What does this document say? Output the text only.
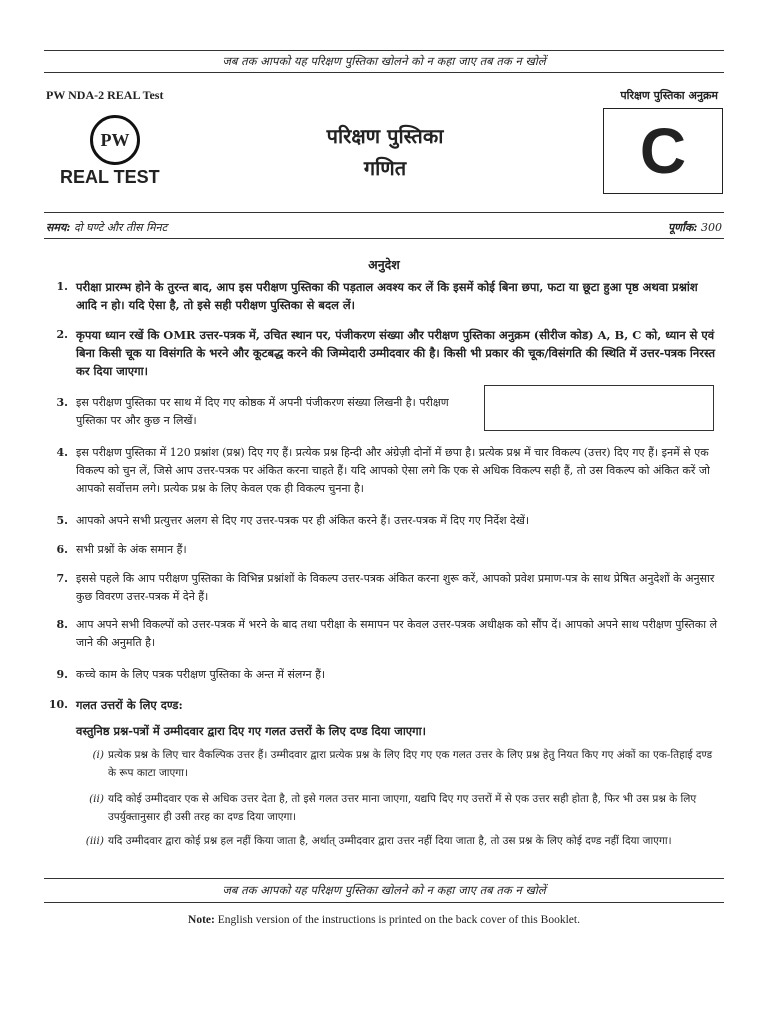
जब तक आपको यह परिक्षण पुस्तिका खोलने को न कहा जाए तब तक न खोलें
PW NDA-2 REAL Test	परिक्षण पुस्तिका अनुक्रम
PW
REAL TEST
परिक्षण पुस्तिका
गणित	C
समय: दो घण्टे और तीस मिनट	पूर्णांक: 300
अनुदेश
1. परीक्षा प्रारम्भ होने के तुरन्त बाद, आप इस परीक्षण पुस्तिका की पड़ताल अवश्य कर लें कि इसमें कोई बिना छपा, फटा या छूटा हुआ पृष्ठ अथवा प्रश्नांश आदि न हो। यदि ऐसा है, तो इसे सही परीक्षण पुस्तिका से बदल लें।
2. कृपया ध्यान रखें कि OMR उत्तर-पत्रक में, उचित स्थान पर, पंजीकरण संख्या और परीक्षण पुस्तिका अनुक्रम (सीरीज कोड) A, B, C को, ध्यान से एवं बिना किसी चूक या विसंगति के भरने और कूटबद्ध करने की जिम्मेदारी उम्मीदवार की है। किसी भी प्रकार की चूक/विसंगति की स्थिति में उत्तर-पत्रक निरस्त कर दिया जाएगा।
3. इस परीक्षण पुस्तिका पर साथ में दिए गए कोष्ठक में अपनी पंजीकरण संख्या लिखनी है। परीक्षण पुस्तिका पर और कुछ न लिखें।
4. इस परीक्षण पुस्तिका में 120 प्रश्नांश (प्रश्न) दिए गए हैं। प्रत्येक प्रश्न हिन्दी और अंग्रेज़ी दोनों में छपा है। प्रत्येक प्रश्न में चार विकल्प (उत्तर) दिए गए हैं। इनमें से एक विकल्प को चुन लें, जिसे आप उत्तर-पत्रक पर अंकित करना चाहते हैं। यदि आपको ऐसा लगे कि एक से अधिक विकल्प सही हैं, तो उस विकल्प को अंकित करें जो आपको सर्वोत्तम लगे। प्रत्येक प्रश्न के लिए केवल एक ही विकल्प चुनना है।
5. आपको अपने सभी प्रत्युत्तर अलग से दिए गए उत्तर-पत्रक पर ही अंकित करने हैं। उत्तर-पत्रक में दिए गए निर्देश देखें।
6. सभी प्रश्नों के अंक समान हैं।
7. इससे पहले कि आप परीक्षण पुस्तिका के विभिन्न प्रश्नांशों के विकल्प उत्तर-पत्रक अंकित करना शुरू करें, आपको प्रवेश प्रमाण-पत्र के साथ प्रेषित अनुदेशों के अनुसार कुछ विवरण उत्तर-पत्रक में देने हैं।
8. आप अपने सभी विकल्पों को उत्तर-पत्रक में भरने के बाद तथा परीक्षा के समापन पर केवल उत्तर-पत्रक अधीक्षक को सौंप दें। आपको अपने साथ परीक्षण पुस्तिका ले जाने की अनुमति है।
9. कच्चे काम के लिए पत्रक परीक्षण पुस्तिका के अन्त में संलग्न हैं।
10. गलत उत्तरों के लिए दण्ड:
वस्तुनिष्ठ प्रश्न-पत्रों में उम्मीदवार द्वारा दिए गए गलत उत्तरों के लिए दण्ड दिया जाएगा।
(i) प्रत्येक प्रश्न के लिए चार वैकल्पिक उत्तर हैं। उम्मीदवार द्वारा प्रत्येक प्रश्न के लिए दिए गए एक गलत उत्तर के लिए प्रश्न हेतु नियत किए गए अंकों का एक-तिहाई दण्ड के रूप काटा जाएगा।
(ii) यदि कोई उम्मीदवार एक से अधिक उत्तर देता है, तो इसे गलत उत्तर माना जाएगा, यद्यपि दिए गए उत्तरों में से एक उत्तर सही होता है, फिर भी उस प्रश्न के लिए उपर्युक्तानुसार ही उसी तरह का दण्ड दिया जाएगा।
(iii) यदि उम्मीदवार द्वारा कोई प्रश्न हल नहीं किया जाता है, अर्थात् उम्मीदवार द्वारा उत्तर नहीं दिया जाता है, तो उस प्रश्न के लिए कोई दण्ड नहीं दिया जाएगा।
जब तक आपको यह परिक्षण पुस्तिका खोलने को न कहा जाए तब तक न खोलें
Note: English version of the instructions is printed on the back cover of this Booklet.
